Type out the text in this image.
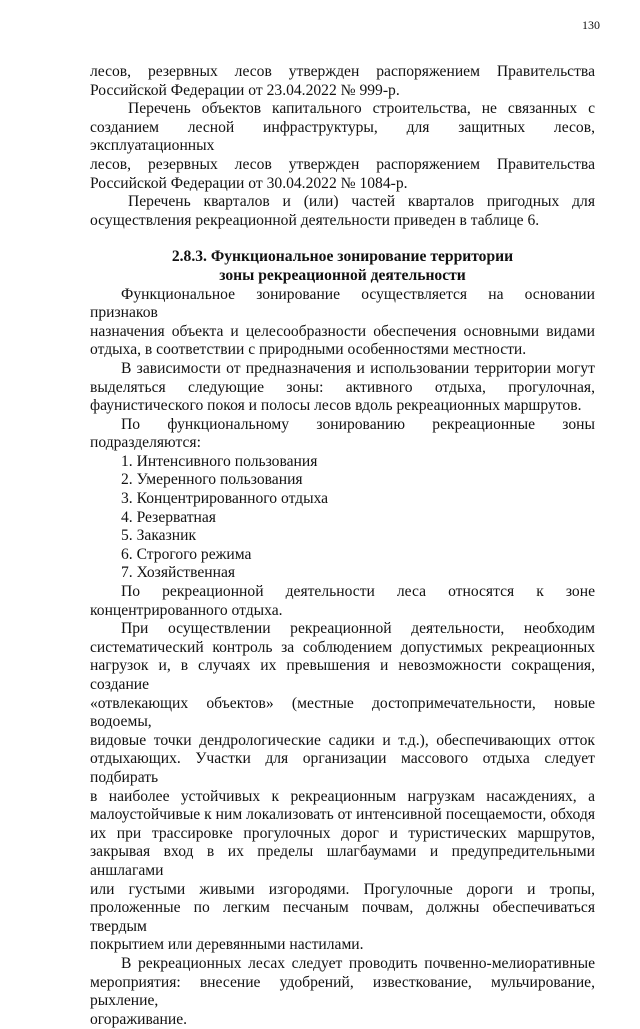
130

лесов, резервных лесов утвержден распоряжением Правительства

Российской Федерации от 23.04.2022 № 999-р.

Перечень объектов капитального строительства, не связанных с

созданием лесной инфраструктуры, для защитных лесов, эксплуатационных

лесов, резервных лесов утвержден распоряжением Правительства

Российской Федерации от 30.04.2022 № 1084-р.

Перечень кварталов и (или) частей кварталов пригодных для

осуществления рекреационной деятельности приведен в таблице 6.

2.8.3. Функциональное зонирование территории
зоны рекреационной деятельности

Функциональное зонирование осуществляется на основании признаков

назначения объекта и целесообразности обеспечения основными видами

отдыха, в соответствии с природными особенностями местности.

В зависимости от предназначения и использовании территории могут

выделяться следующие зоны: активного отдыха, прогулочная,

фаунистического покоя и полосы лесов вдоль рекреационных маршрутов.

По функциональному зонированию рекреационные зоны

подразделяются:

1. Интенсивного пользования

2. Умеренного пользования

3. Концентрированного отдыха

4. Резерватная

5. Заказник

6. Строгого режима

7. Хозяйственная

По рекреационной деятельности леса относятся к зоне

концентрированного отдыха.

При осуществлении рекреационной деятельности, необходим

систематический контроль за соблюдением допустимых рекреационных

нагрузок и, в случаях их превышения и невозможности сокращения, создание

«отвлекающих объектов» (местные достопримечательности, новые водоемы,

видовые точки дендрологические садики и т.д.), обеспечивающих отток

отдыхающих. Участки для организации массового отдыха следует подбирать

в наиболее устойчивых к рекреационным нагрузкам насаждениях, а

малоустойчивые к ним локализовать от интенсивной посещаемости, обходя

их при трассировке прогулочных дорог и туристических маршрутов,

закрывая вход в их пределы шлагбаумами и предупредительными аншлагами

или густыми живыми изгородями. Прогулочные дороги и тропы,

проложенные по легким песчаным почвам, должны обеспечиваться твердым

покрытием или деревянными настилами.

В рекреационных лесах следует проводить почвенно-мелиоративные

мероприятия: внесение удобрений, известкование, мульчирование, рыхление,

огораживание.
